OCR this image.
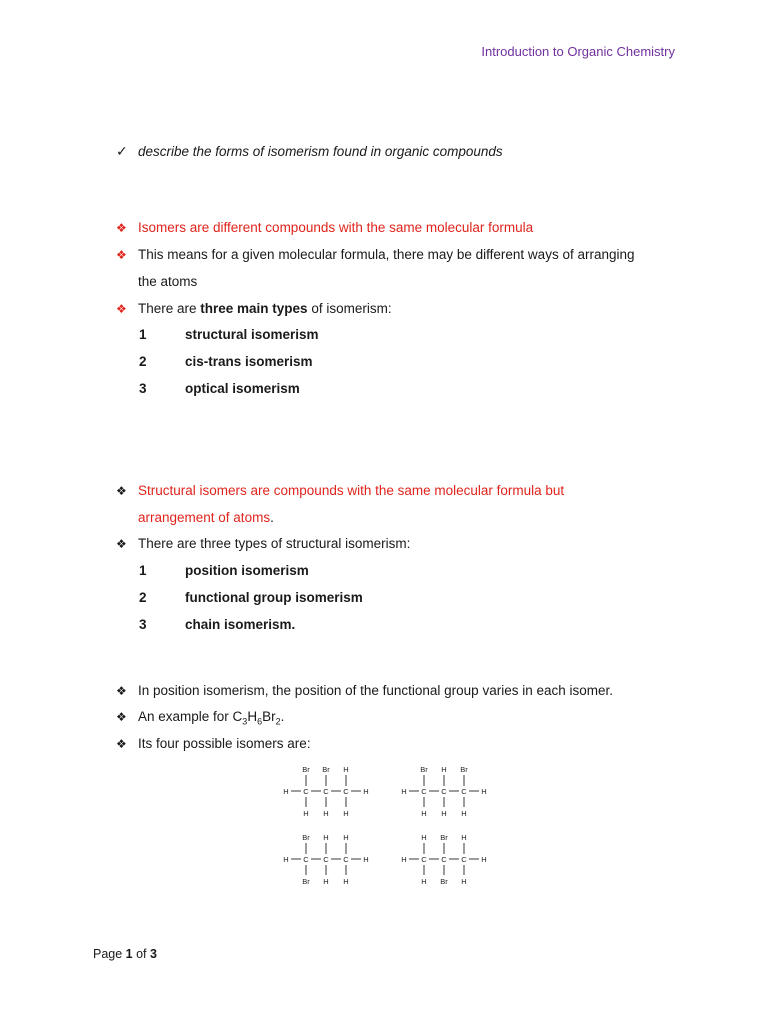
Introduction to Organic Chemistry
✓ describe the forms of isomerism found in organic compounds
❖ Isomers are different compounds with the same molecular formula
❖ This means for a given molecular formula, there may be different ways of arranging
the atoms
❖ There are three main types of isomerism:
1	structural isomerism
2	cis-trans isomerism
3	optical isomerism
❖ Structural isomers are compounds with the same molecular formula but
arrangement of atoms.
❖ There are three types of structural isomerism:
1	position isomerism
2	functional group isomerism
3	chain isomerism.
❖ In position isomerism, the position of the functional group varies in each isomer.
❖ An example for $C_3H_6Br_2$.
❖ Its four possible isomers are:
Br Br H
H C C C H
H H H
Br H Br
H C C C H
H H H
Br H H
H C C C H
Br H H
H Br H
H C C C H
H Br H
Page 1 of 3
